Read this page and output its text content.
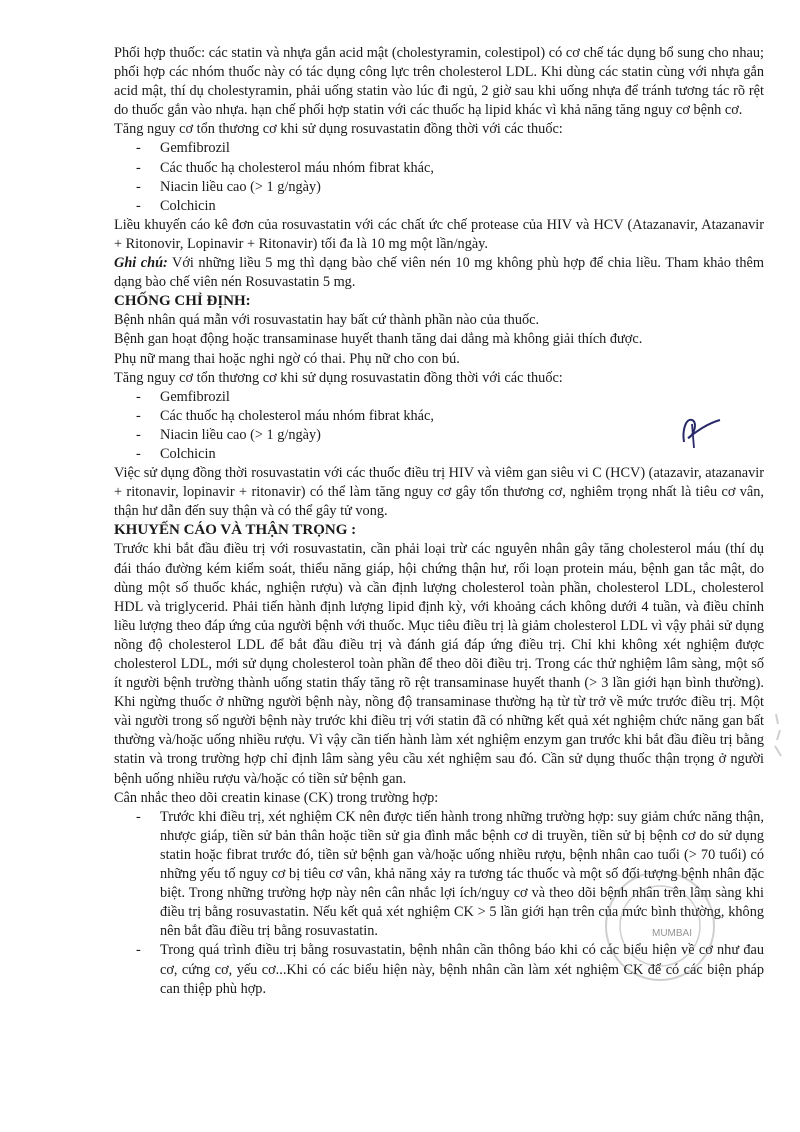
Phối hợp thuốc: các statin và nhựa gắn acid mật (cholestyramin, colestipol) có cơ chế tác dụng bổ sung cho nhau; phối hợp các nhóm thuốc này có tác dụng công lực trên cholesterol LDL. Khi dùng các statin cùng với nhựa gắn acid mật, thí dụ cholestyramin, phải uống statin vào lúc đi ngủ, 2 giờ sau khi uống nhựa để tránh tương tác rõ rệt do thuốc gắn vào nhựa. hạn chế phối hợp statin với các thuốc hạ lipid khác vì khả năng tăng nguy cơ bệnh cơ.

Tăng nguy cơ tổn thương cơ khi sử dụng rosuvastatin đồng thời với các thuốc:

- Gemfibrozil
- Các thuốc hạ cholesterol máu nhóm fibrat khác,
- Niacin liều cao (> 1 g/ngày)
- Colchicin

Liều khuyến cáo kê đơn của rosuvastatin với các chất ức chế protease của HIV và HCV (Atazanavir, Atazanavir + Ritonovir, Lopinavir + Ritonavir) tối đa là 10 mg một lần/ngày.

Ghi chú: Với những liều 5 mg thì dạng bào chế viên nén 10 mg không phù hợp để chia liều. Tham khảo thêm dạng bào chế viên nén Rosuvastatin 5 mg.

CHỐNG CHỈ ĐỊNH:

Bệnh nhân quá mẫn với rosuvastatin hay bất cứ thành phần nào của thuốc.

Bệnh gan hoạt động hoặc transaminase huyết thanh tăng dai dẳng mà không giải thích được.

Phụ nữ mang thai hoặc nghi ngờ có thai. Phụ nữ cho con bú.

Tăng nguy cơ tổn thương cơ khi sử dụng rosuvastatin đồng thời với các thuốc:

- Gemfibrozil
- Các thuốc hạ cholesterol máu nhóm fibrat khác,
- Niacin liều cao (> 1 g/ngày)
- Colchicin

Việc sử dụng đồng thời rosuvastatin với các thuốc điều trị HIV và viêm gan siêu vi C (HCV) (atazavir, atazanavir + ritonavir, lopinavir + ritonavir) có thể làm tăng nguy cơ gây tổn thương cơ, nghiêm trọng nhất là tiêu cơ vân, thận hư dẫn đến suy thận và có thể gây tử vong.

KHUYẾN CÁO VÀ THẬN TRỌNG :

Trước khi bắt đầu điều trị với rosuvastatin, cần phải loại trừ các nguyên nhân gây tăng cholesterol máu (thí dụ đái tháo đường kém kiểm soát, thiểu năng giáp, hội chứng thận hư, rối loạn protein máu, bệnh gan tắc mật, do dùng một số thuốc khác, nghiện rượu) và cần định lượng cholesterol toàn phần, cholesterol LDL, cholesterol HDL và triglycerid. Phải tiến hành định lượng lipid định kỳ, với khoảng cách không dưới 4 tuần, và điều chỉnh liều lượng theo đáp ứng của người bệnh với thuốc. Mục tiêu điều trị là giảm cholesterol LDL vì vậy phải sử dụng nồng độ cholesterol LDL để bắt đầu điều trị và đánh giá đáp ứng điều trị. Chỉ khi không xét nghiệm được cholesterol LDL, mới sử dụng cholesterol toàn phần để theo dõi điều trị. Trong các thử nghiệm lâm sàng, một số ít người bệnh trường thành uống statin thấy tăng rõ rệt transaminase huyết thanh (> 3 lần giới hạn bình thường). Khi ngừng thuốc ở những người bệnh này, nồng độ transaminase thường hạ từ từ trở về mức trước điều trị. Một vài người trong số người bệnh này trước khi điều trị với statin đã có những kết quả xét nghiệm chức năng gan bất thường và/hoặc uống nhiều rượu. Vì vậy cần tiến hành làm xét nghiệm enzym gan trước khi bắt đầu điều trị bằng statin và trong trường hợp chỉ định lâm sàng yêu cầu xét nghiệm sau đó. Cần sử dụng thuốc thận trọng ở người bệnh uống nhiều rượu và/hoặc có tiền sử bệnh gan.

Cân nhắc theo dõi creatin kinase (CK) trong trường hợp:

- Trước khi điều trị, xét nghiệm CK nên được tiến hành trong những trường hợp: suy giảm chức năng thận, nhược giáp, tiền sử bản thân hoặc tiền sử gia đình mắc bệnh cơ di truyền, tiền sử bị bệnh cơ do sử dụng statin hoặc fibrat trước đó, tiền sử bệnh gan và/hoặc uống nhiều rượu, bệnh nhân cao tuổi (> 70 tuổi) có những yếu tố nguy cơ bị tiêu cơ vân, khả năng xảy ra tương tác thuốc và một số đối tượng bệnh nhân đặc biệt. Trong những trường hợp này nên cân nhắc lợi ích/nguy cơ và theo dõi bệnh nhân trên lâm sàng khi điều trị bằng rosuvastatin. Nếu kết quả xét nghiệm CK > 5 lần giới hạn trên của mức bình thường, không nên bắt đầu điều trị bằng rosuvastatin.
- Trong quá trình điều trị bằng rosuvastatin, bệnh nhân cần thông báo khi có các biểu hiện về cơ như đau cơ, cứng cơ, yếu cơ...Khi có các biểu hiện này, bệnh nhân cần làm xét nghiệm CK để có các biện pháp can thiệp phù hợp.
MUMBAI
